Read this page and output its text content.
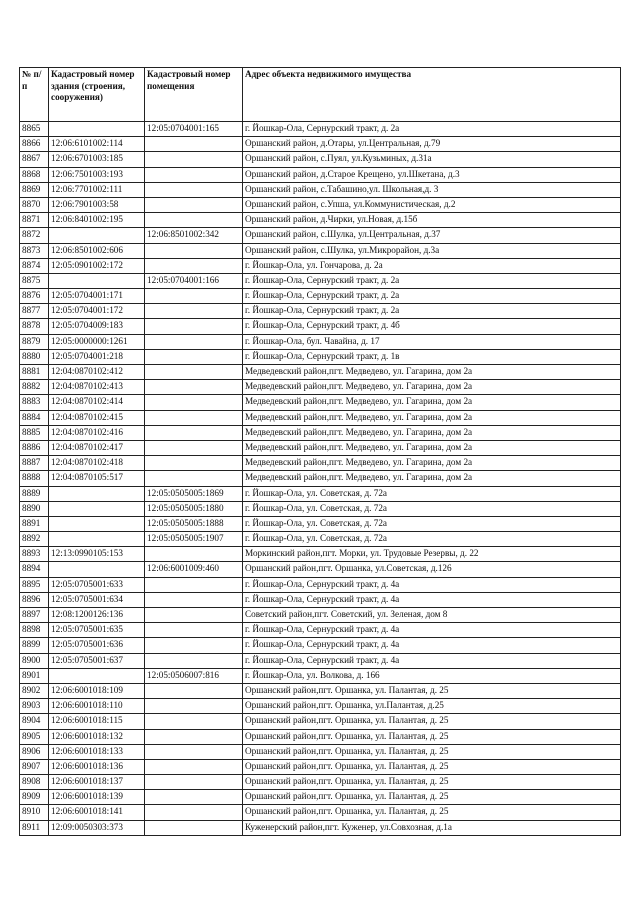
№ п/п	Кадастровый номер здания (строения, сооружения)	Кадастровый номер помещения	Адрес объекта недвижимого имущества
8865		12:05:0704001:165	г. Йошкар-Ола, Сернурский тракт, д. 2а
8866	12:06:6101002:114		Оршанский район, д.Отары, ул.Центральная, д.79
8867	12:06:6701003:185		Оршанский район, с.Пуял, ул.Кузьминых, д.31а
8868	12:06:7501003:193		Оршанский район, д.Старое Крещено, ул.Шкетана, д.3
8869	12:06:7701002:111		Оршанский район, с.Табашино,ул. Школьная,д. 3
8870	12:06:7901003:58		Оршанский район, с.Упша, ул.Коммунистическая, д.2
8871	12:06:8401002:195		Оршанский район, д.Чирки, ул.Новая, д.15б
8872		12:06:8501002:342	Оршанский район, с.Шулка, ул.Центральная, д.37
8873	12:06:8501002:606		Оршанский район, с.Шулка, ул.Микрорайон, д.3а
8874	12:05:0901002:172		г. Йошкар-Ола, ул. Гончарова, д. 2а
8875		12:05:0704001:166	г. Йошкар-Ола, Сернурский тракт, д. 2а
8876	12:05:0704001:171		г. Йошкар-Ола, Сернурский тракт, д. 2а
8877	12:05:0704001:172		г. Йошкар-Ола, Сернурский тракт, д. 2а
8878	12:05:0704009:183		г. Йошкар-Ола, Сернурский тракт, д. 4б
8879	12:05:0000000:1261		г. Йошкар-Ола, бул. Чавайна, д. 17
8880	12:05:0704001:218		г. Йошкар-Ола, Сернурский тракт, д. 1в
8881	12:04:0870102:412		Медведевский район,пгт. Медведево, ул. Гагарина, дом 2а
8882	12:04:0870102:413		Медведевский район,пгт. Медведево, ул. Гагарина, дом 2а
8883	12:04:0870102:414		Медведевский район,пгт. Медведево, ул. Гагарина, дом 2а
8884	12:04:0870102:415		Медведевский район,пгт. Медведево, ул. Гагарина, дом 2а
8885	12:04:0870102:416		Медведевский район,пгт. Медведево, ул. Гагарина, дом 2а
8886	12:04:0870102:417		Медведевский район,пгт. Медведево, ул. Гагарина, дом 2а
8887	12:04:0870102:418		Медведевский район,пгт. Медведево, ул. Гагарина, дом 2а
8888	12:04:0870105:517		Медведевский район,пгт. Медведево, ул. Гагарина, дом 2а
8889		12:05:0505005:1869	г. Йошкар-Ола, ул. Советская, д. 72а
8890		12:05:0505005:1880	г. Йошкар-Ола, ул. Советская, д. 72а
8891		12:05:0505005:1888	г. Йошкар-Ола, ул. Советская, д. 72а
8892		12:05:0505005:1907	г. Йошкар-Ола, ул. Советская, д. 72а
8893	12:13:0990105:153		Моркинский район,пгт. Морки, ул. Трудовые Резервы, д. 22
8894		12:06:6001009:460	Оршанский район,пгт. Оршанка, ул.Советская, д.126
8895	12:05:0705001:633		г. Йошкар-Ола, Сернурский тракт, д. 4а
8896	12:05:0705001:634		г. Йошкар-Ола, Сернурский тракт, д. 4а
8897	12:08:1200126:136		Советский район,пгт. Советский, ул. Зеленая, дом 8
8898	12:05:0705001:635		г. Йошкар-Ола, Сернурский тракт, д. 4а
8899	12:05:0705001:636		г. Йошкар-Ола, Сернурский тракт, д. 4а
8900	12:05:0705001:637		г. Йошкар-Ола, Сернурский тракт, д. 4а
8901		12:05:0506007:816	г. Йошкар-Ола, ул. Волкова, д. 166
8902	12:06:6001018:109		Оршанский район,пгт. Оршанка, ул. Палантая, д. 25
8903	12:06:6001018:110		Оршанский район,пгт. Оршанка, ул.Палантая, д.25
8904	12:06:6001018:115		Оршанский район,пгт. Оршанка, ул. Палантая, д. 25
8905	12:06:6001018:132		Оршанский район,пгт. Оршанка, ул. Палантая, д. 25
8906	12:06:6001018:133		Оршанский район,пгт. Оршанка, ул. Палантая, д. 25
8907	12:06:6001018:136		Оршанский район,пгт. Оршанка, ул. Палантая, д. 25
8908	12:06:6001018:137		Оршанский район,пгт. Оршанка, ул. Палантая, д. 25
8909	12:06:6001018:139		Оршанский район,пгт. Оршанка, ул. Палантая, д. 25
8910	12:06:6001018:141		Оршанский район,пгт. Оршанка, ул. Палантая, д. 25
8911	12:09:0050303:373		Куженерский район,пгт. Куженер, ул.Совхозная, д.1а
